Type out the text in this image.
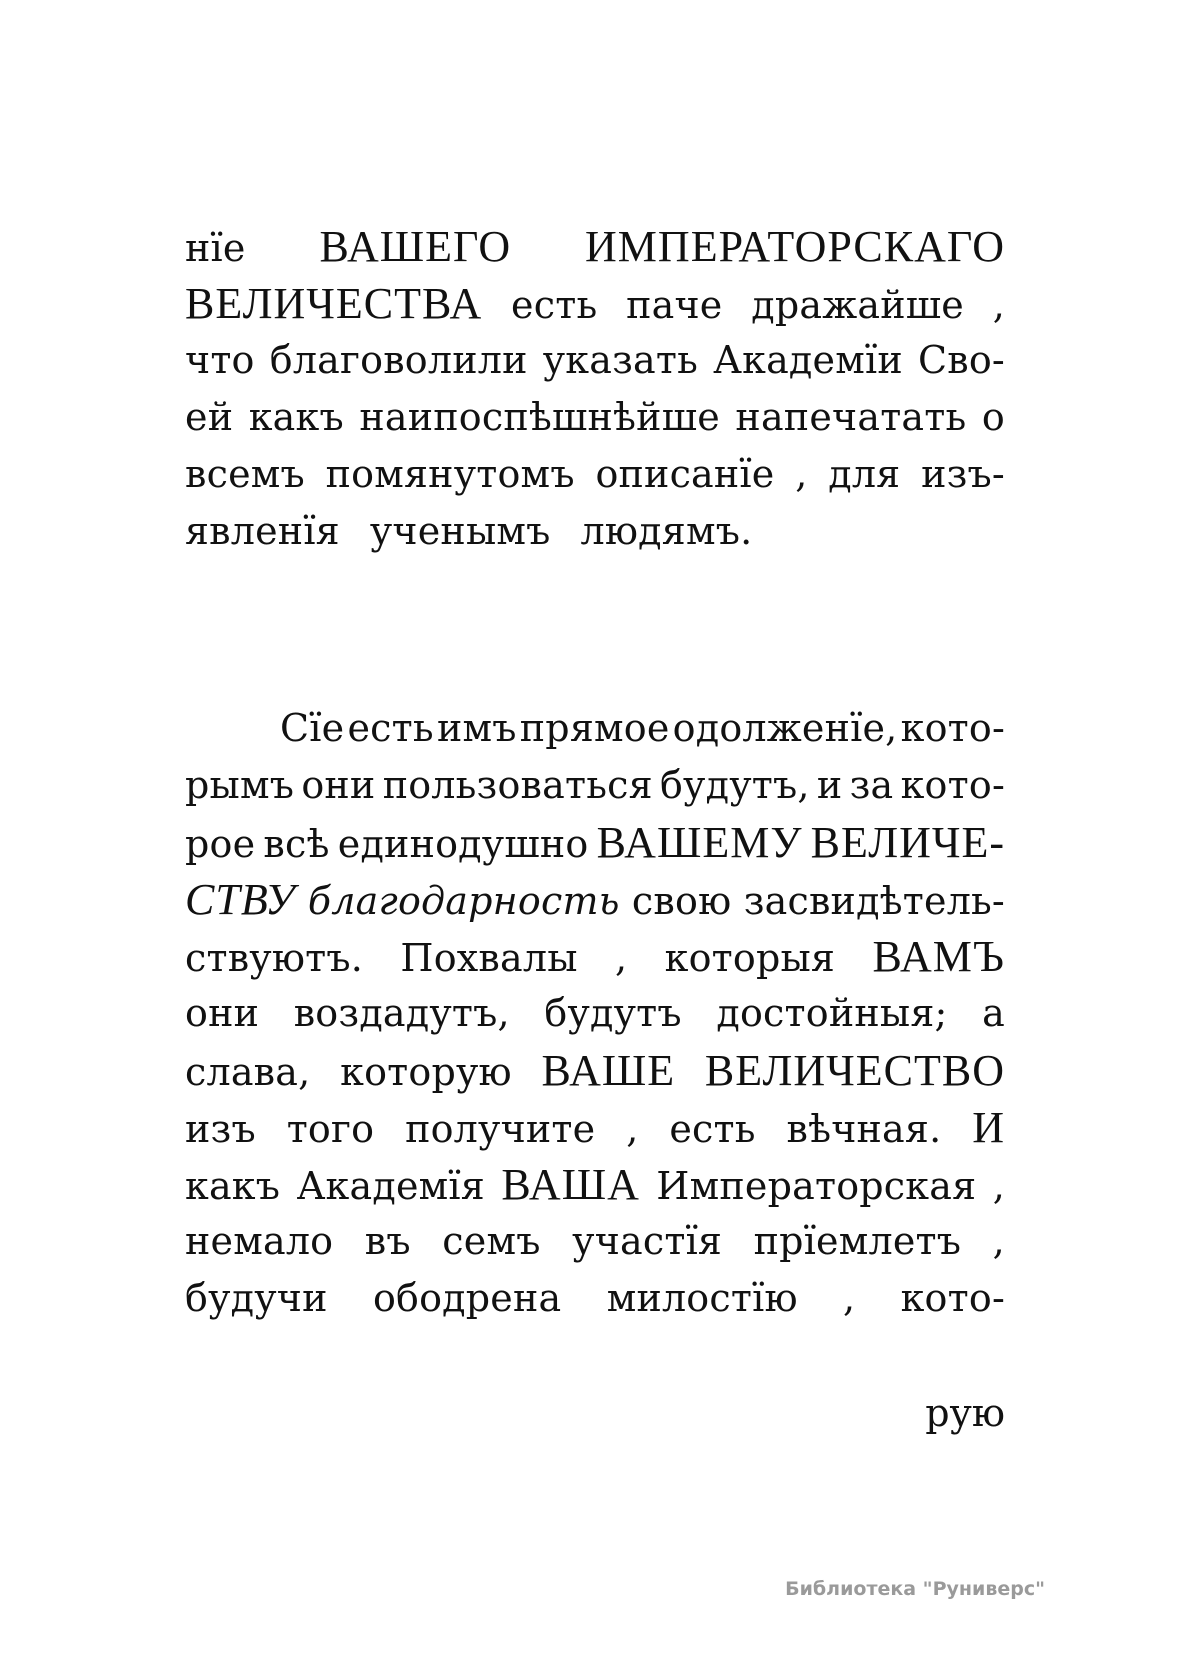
нїе ВАШЕГО ИМПЕРАТОРСКАГО
ВЕЛИЧЕСТВА есть паче дражайше ,
что благоволили указать Академїи Сво-
ей какъ наипоспѣшнѣйше напечатать о
всемъ помянутомъ описанїе , для изъ-
явленїя ученымъ людямъ.
Сїе есть имъ прямое одолженїе, кото-
рымъ они пользоваться будутъ, и за кото-
рое всѣ единодушно ВАШЕМУ ВЕЛИЧЕ-
СТВУ благодарность свою засвидѣтель-
ствуютъ. Похвалы , которыя ВАМЪ
они воздадутъ, будутъ достойныя; а
слава, которую ВАШЕ ВЕЛИЧЕСТВО
изъ того получите , есть вѣчная. И
какъ Академїя ВАША Императорская ,
немало въ семъ участїя прїемлетъ ,
будучи ободрена милостїю , кото-
рую
Библиотека "Руниверс"
